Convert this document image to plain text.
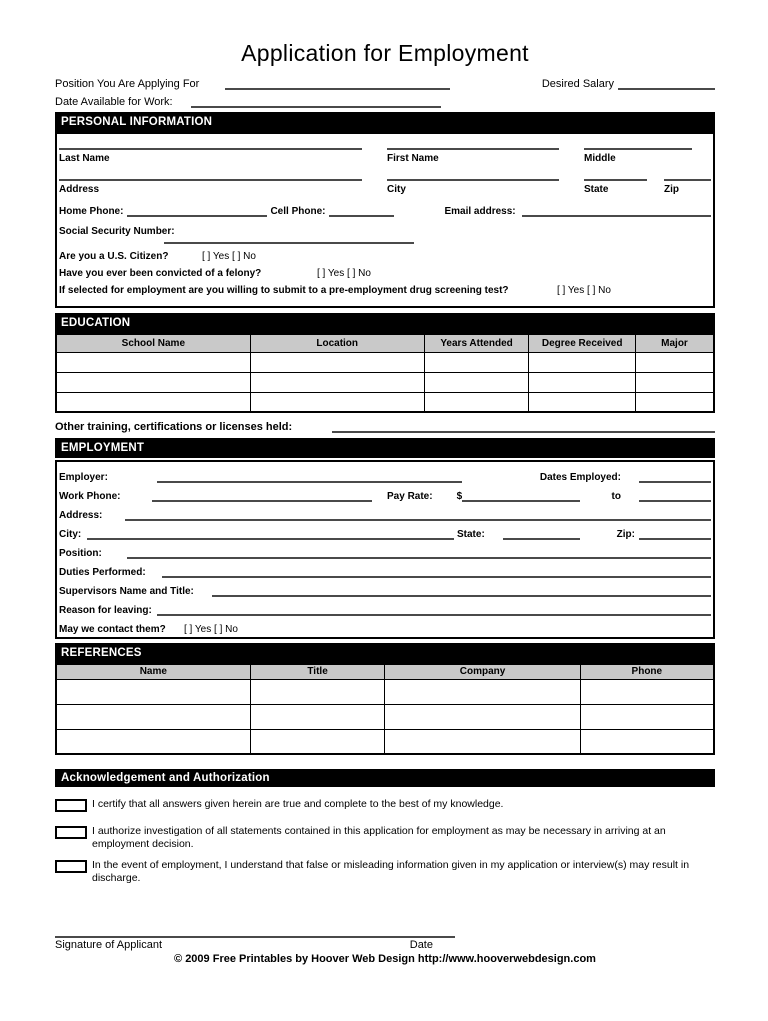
Application for Employment
Position You Are Applying For	Desired Salary
Date Available for Work:
PERSONAL INFORMATION
Last Name	First Name	Middle
Address	City	State	Zip
Home Phone:	Cell Phone:	Email address:
Social Security Number:
Are you a U.S. Citizen?	[ ] Yes [ ] No
Have you ever been convicted of a felony?	[ ] Yes [ ] No
If selected for employment are you willing to submit to a pre-employment drug screening test?	[ ] Yes [ ] No
EDUCATION
School Name	Location	Years Attended	Degree Received	Major

Other training, certifications or licenses held:
EMPLOYMENT
Employer:	Dates Employed:
Work Phone:	Pay Rate: $	to
Address:
City:	State:	Zip:
Position:
Duties Performed:
Supervisors Name and Title:
Reason for leaving:
May we contact them?	[ ] Yes [ ] No
REFERENCES
Name	Title	Company	Phone

Acknowledgement and Authorization
I certify that all answers given herein are true and complete to the best of my knowledge.
I authorize investigation of all statements contained in this application for employment as may be necessary in arriving at an employment decision.
In the event of employment, I understand that false or misleading information given in my application or interview(s) may result in discharge.
Signature of Applicant	Date
© 2009 Free Printables by Hoover Web Design http://www.hooverwebdesign.com
